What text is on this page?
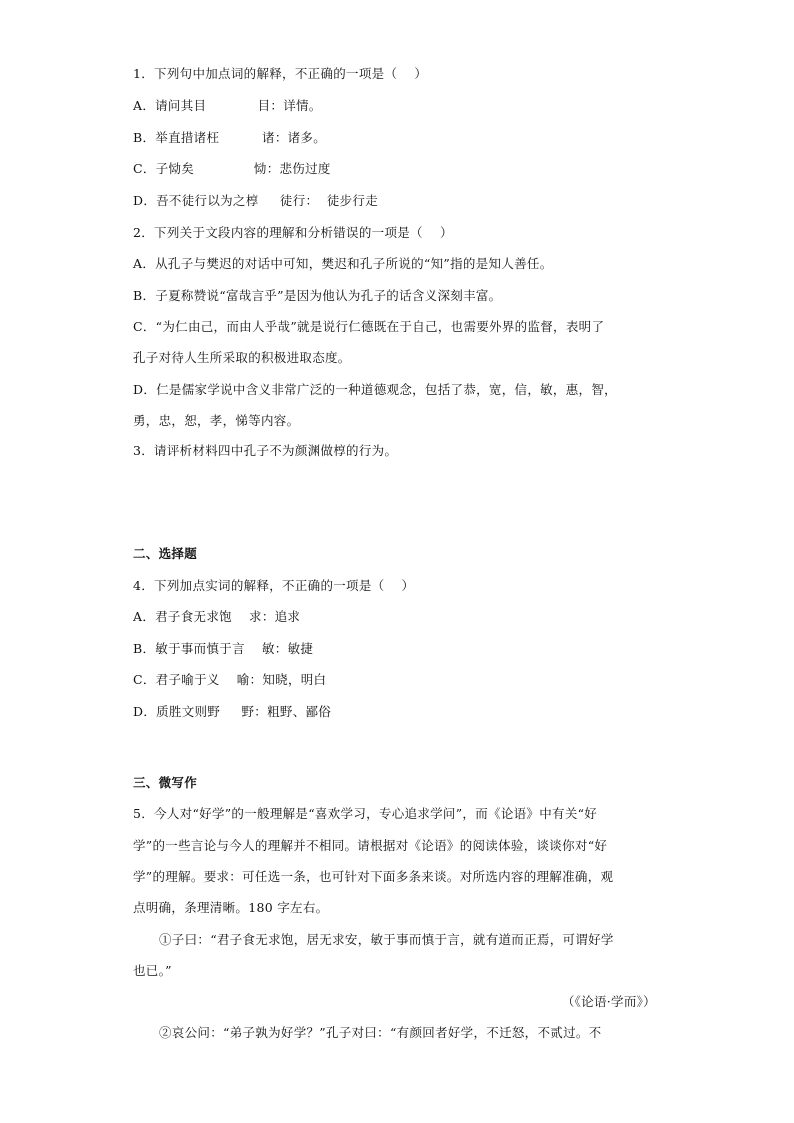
1．下列句中加点词的解释，不正确的一项是（    ）
A．请问其目            目：详情。
B．举直措诸枉          诸：诸多。
C．子恸矣              恸：悲伤过度
D．吾不徒行以为之椁     徒行：  徒步行走
2．下列关于文段内容的理解和分析错误的一项是（    ）
A．从孔子与樊迟的对话中可知，樊迟和孔子所说的“知”指的是知人善任。
B．子夏称赞说“富哉言乎”是因为他认为孔子的话含义深刻丰富。
C．“为仁由己，而由人乎哉”就是说行仁德既在于自己，也需要外界的监督，表明了
孔子对待人生所采取的积极进取态度。
D．仁是儒家学说中含义非常广泛的一种道德观念，包括了恭，宽，信，敏，惠，智，
勇，忠，恕，孝，悌等内容。
3．请评析材料四中孔子不为颜渊做椁的行为。
二、选择题
4．下列加点实词的解释，不正确的一项是（    ）
A．君子食无求饱    求：追求
B．敏于事而慎于言    敏：敏捷
C．君子喻于义    喻：知晓，明白
D．质胜文则野     野：粗野、鄙俗
三、微写作
5．今人对“好学”的一般理解是“喜欢学习，专心追求学问”，而《论语》中有关“好
学”的一些言论与今人的理解并不相同。请根据对《论语》的阅读体验，谈谈你对“好
学”的理解。要求：可任选一条，也可针对下面多条来谈。对所选内容的理解准确，观
点明确，条理清晰。180 字左右。
①子曰：“君子食无求饱，居无求安，敏于事而慎于言，就有道而正焉，可谓好学
也已。”
（《论语·学而》）
②哀公问：“弟子孰为好学？”孔子对曰：“有颜回者好学，不迁怒，不贰过。不
